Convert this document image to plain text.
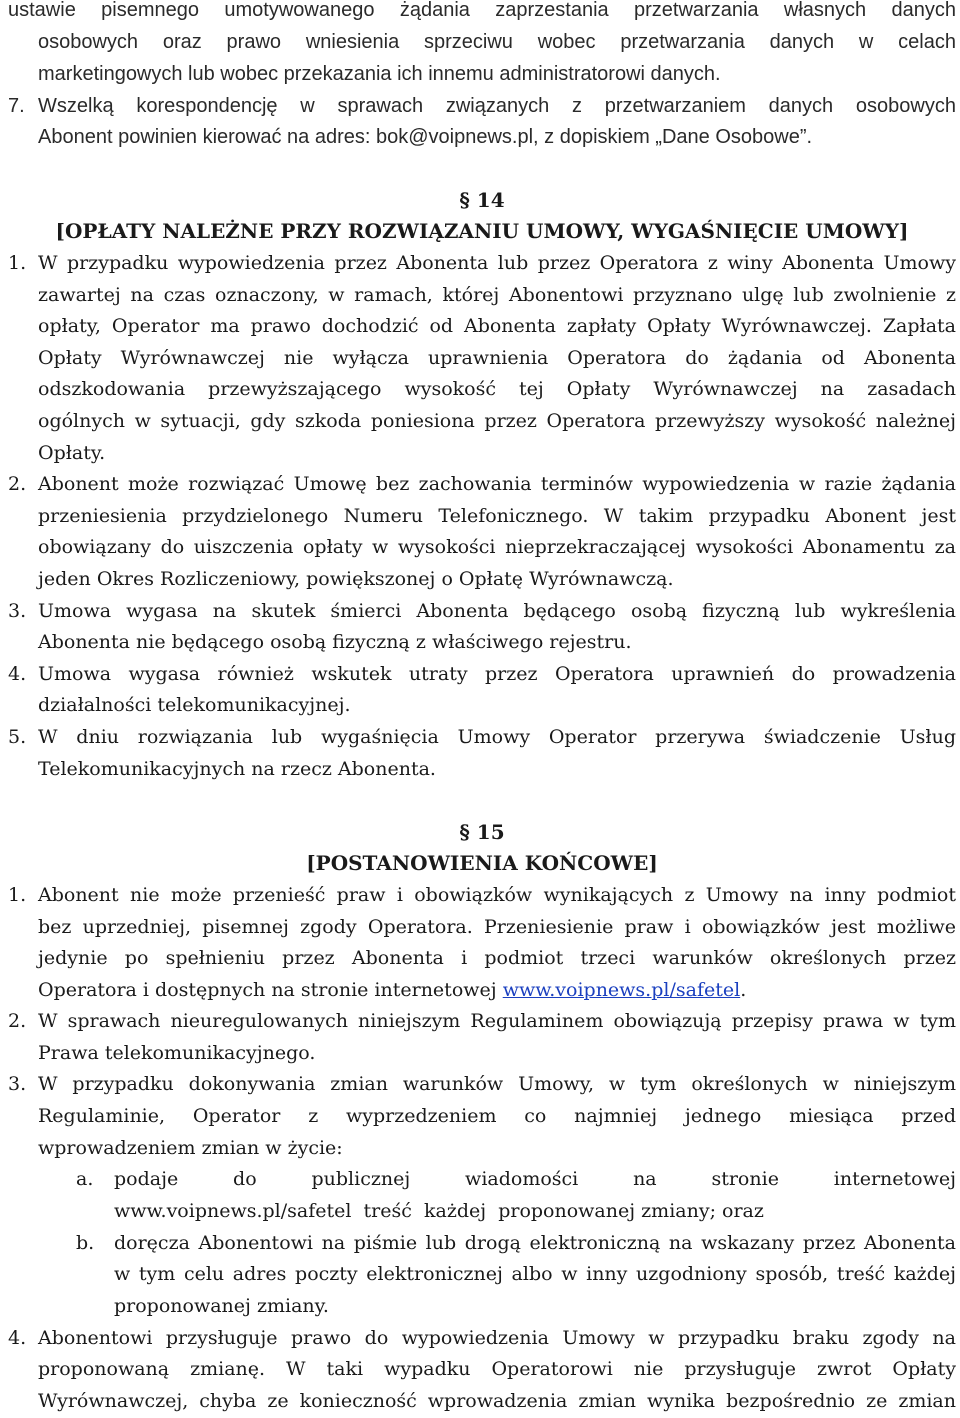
ustawie pisemnego umotywowanego żądania zaprzestania przetwarzania własnych danych
osobowych oraz prawo wniesienia sprzeciwu wobec przetwarzania danych w celach
marketingowych lub wobec przekazania ich innemu administratorowi danych.
7. Wszelką korespondencję w sprawach związanych z przetwarzaniem danych osobowych
Abonent powinien kierować na adres: bok@voipnews.pl, z dopiskiem „Dane Osobowe”.
§ 14
[OPŁATY NALEŻNE PRZY ROZWIĄZANIU UMOWY, WYGAŚNIĘCIE UMOWY]
1. W przypadku wypowiedzenia przez Abonenta lub przez Operatora z winy Abonenta Umowy
zawartej na czas oznaczony, w ramach, której Abonentowi przyznano ulgę lub zwolnienie z
opłaty, Operator ma prawo dochodzić od Abonenta zapłaty Opłaty Wyrównawczej. Zapłata
Opłaty Wyrównawczej nie wyłącza uprawnienia Operatora do żądania od Abonenta
odszkodowania przewyższającego wysokość tej Opłaty Wyrównawczej na zasadach
ogólnych w sytuacji, gdy szkoda poniesiona przez Operatora przewyższy wysokość należnej
Opłaty.
2. Abonent może rozwiązać Umowę bez zachowania terminów wypowiedzenia w razie żądania
przeniesienia przydzielonego Numeru Telefonicznego. W takim przypadku Abonent jest
obowiązany do uiszczenia opłaty w wysokości nieprzekraczającej wysokości Abonamentu za
jeden Okres Rozliczeniowy, powiększonej o Opłatę Wyrównawczą.
3. Umowa wygasa na skutek śmierci Abonenta będącego osobą fizyczną lub wykreślenia
Abonenta nie będącego osobą fizyczną z właściwego rejestru.
4. Umowa wygasa również wskutek utraty przez Operatora uprawnień do prowadzenia
działalności telekomunikacyjnej.
5. W dniu rozwiązania lub wygaśnięcia Umowy Operator przerywa świadczenie Usług
Telekomunikacyjnych na rzecz Abonenta.
§ 15
[POSTANOWIENIA KOŃCOWE]
1. Abonent nie może przenieść praw i obowiązków wynikających z Umowy na inny podmiot
bez uprzedniej, pisemnej zgody Operatora. Przeniesienie praw i obowiązków jest możliwe
jedynie po spełnieniu przez Abonenta i podmiot trzeci warunków określonych przez
Operatora i dostępnych na stronie internetowej www.voipnews.pl/safetel.
2. W sprawach nieuregulowanych niniejszym Regulaminem obowiązują przepisy prawa w tym
Prawa telekomunikacyjnego.
3. W przypadku dokonywania zmian warunków Umowy, w tym określonych w niniejszym
Regulaminie, Operator z wyprzedzeniem co najmniej jednego miesiąca przed
wprowadzeniem zmian w życie:
a. podaje do publicznej wiadomości na stronie internetowej
www.voipnews.pl/safetel  treść  każdej  proponowanej zmiany; oraz
b. doręcza Abonentowi na piśmie lub drogą elektroniczną na wskazany przez Abonenta
w tym celu adres poczty elektronicznej albo w inny uzgodniony sposób, treść każdej
proponowanej zmiany.
4. Abonentowi przysługuje prawo do wypowiedzenia Umowy w przypadku braku zgody na
proponowaną zmianę. W taki wypadku Operatorowi nie przysługuje zwrot Opłaty
Wyrównawczej, chyba ze konieczność wprowadzenia zmian wynika bezpośrednio ze zmian
